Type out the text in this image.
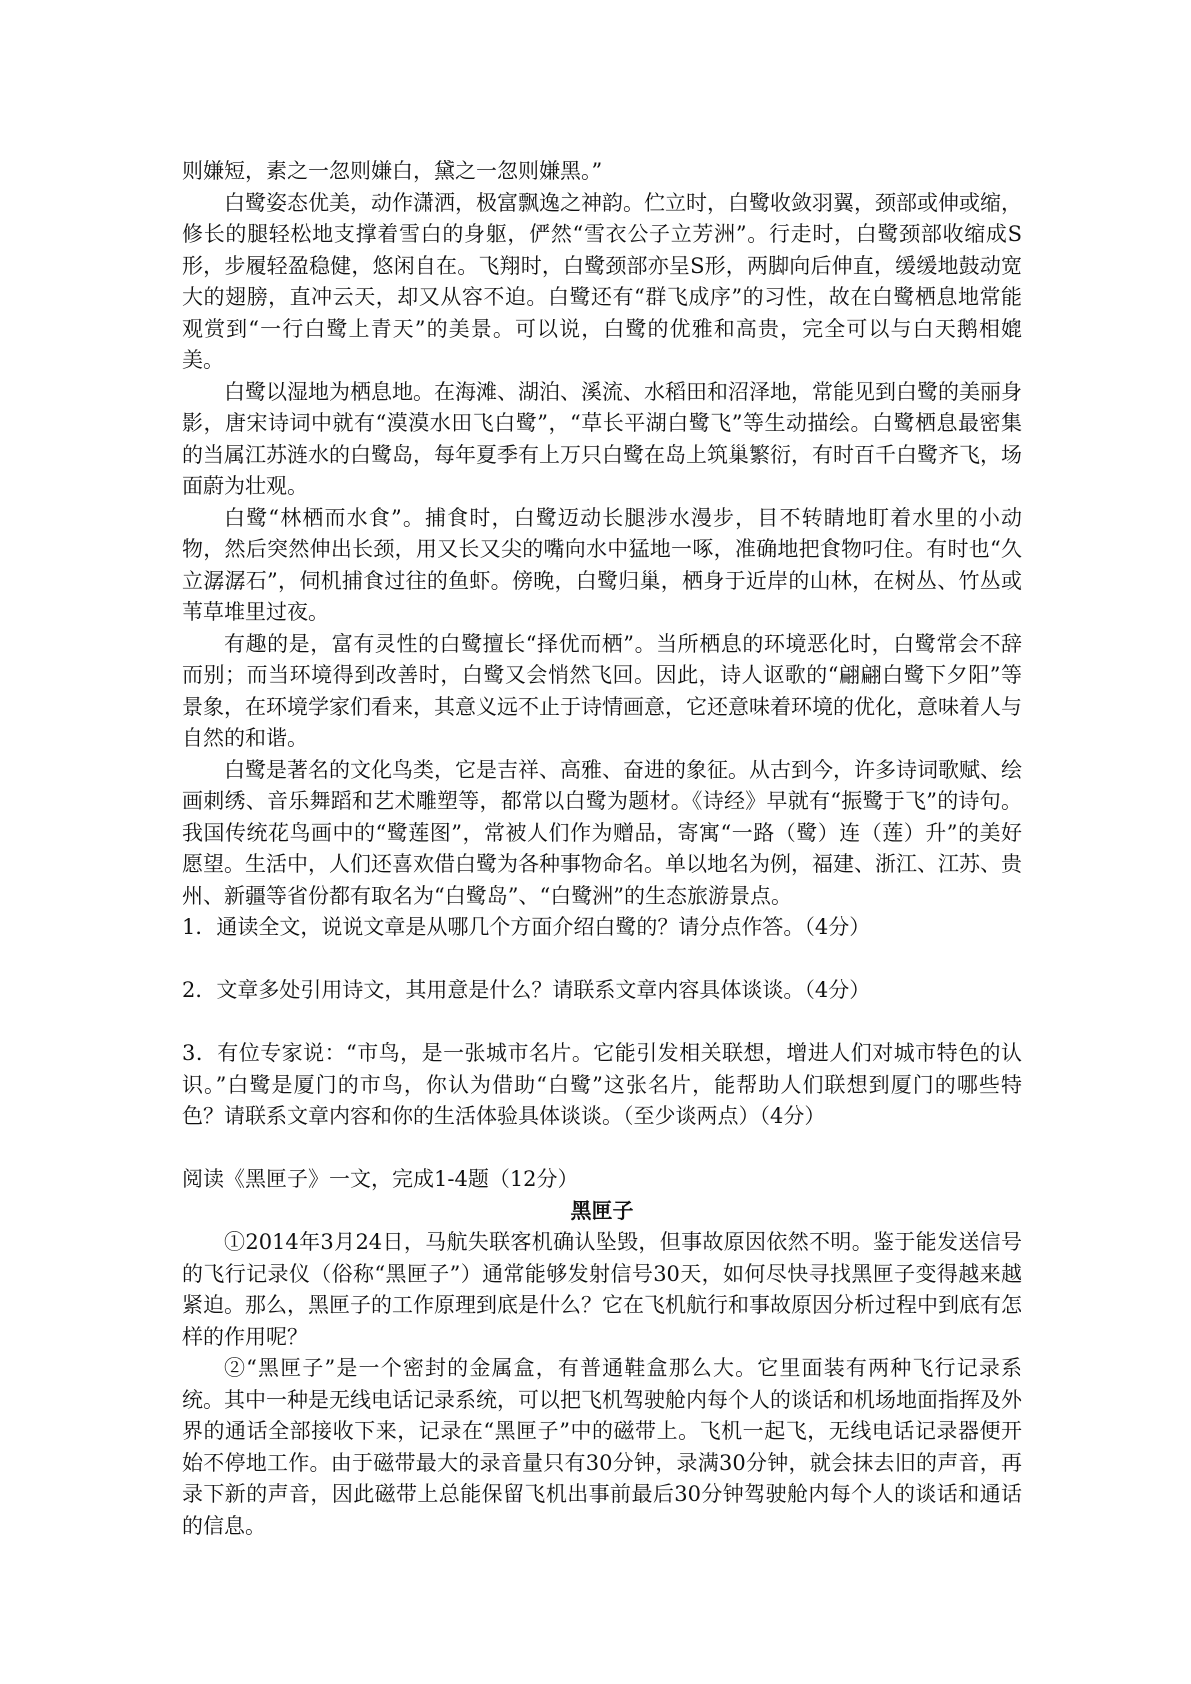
则嫌短，素之一忽则嫌白，黛之一忽则嫌黑。”

白鹭姿态优美，动作潇洒，极富飘逸之神韵。伫立时，白鹭收敛羽翼，颈部或伸或缩，修长的腿轻松地支撑着雪白的身躯，俨然“雪衣公子立芳洲”。行走时，白鹭颈部收缩成S形，步履轻盈稳健，悠闲自在。飞翔时，白鹭颈部亦呈S形，两脚向后伸直，缓缓地鼓动宽大的翅膀，直冲云天，却又从容不迫。白鹭还有“群飞成序”的习性，故在白鹭栖息地常能观赏到“一行白鹭上青天”的美景。可以说，白鹭的优雅和高贵，完全可以与白天鹅相媲美。

白鹭以湿地为栖息地。在海滩、湖泊、溪流、水稻田和沼泽地，常能见到白鹭的美丽身影，唐宋诗词中就有“漠漠水田飞白鹭”，“草长平湖白鹭飞”等生动描绘。白鹭栖息最密集的当属江苏涟水的白鹭岛，每年夏季有上万只白鹭在岛上筑巢繁衍，有时百千白鹭齐飞，场面蔚为壮观。

白鹭“林栖而水食”。捕食时，白鹭迈动长腿涉水漫步，目不转睛地盯着水里的小动物，然后突然伸出长颈，用又长又尖的嘴向水中猛地一啄，准确地把食物叼住。有时也“久立潺潺石”，伺机捕食过往的鱼虾。傍晚，白鹭归巢，栖身于近岸的山林，在树丛、竹丛或苇草堆里过夜。

有趣的是，富有灵性的白鹭擅长“择优而栖”。当所栖息的环境恶化时，白鹭常会不辞而别；而当环境得到改善时，白鹭又会悄然飞回。因此，诗人讴歌的“翩翩白鹭下夕阳”等景象，在环境学家们看来，其意义远不止于诗情画意，它还意味着环境的优化，意味着人与自然的和谐。

白鹭是著名的文化鸟类，它是吉祥、高雅、奋进的象征。从古到今，许多诗词歌赋、绘画刺绣、音乐舞蹈和艺术雕塑等，都常以白鹭为题材。《诗经》早就有“振鹭于飞”的诗句。我国传统花鸟画中的“鹭莲图”，常被人们作为赠品，寄寓“一路（鹭）连（莲）升”的美好愿望。生活中，人们还喜欢借白鹭为各种事物命名。单以地名为例，福建、浙江、江苏、贵州、新疆等省份都有取名为“白鹭岛”、“白鹭洲”的生态旅游景点。

1．通读全文，说说文章是从哪几个方面介绍白鹭的？请分点作答。（4分）

2．文章多处引用诗文，其用意是什么？请联系文章内容具体谈谈。（4分）

3．有位专家说：“市鸟，是一张城市名片。它能引发相关联想，增进人们对城市特色的认识。”白鹭是厦门的市鸟，你认为借助“白鹭”这张名片，能帮助人们联想到厦门的哪些特色？请联系文章内容和你的生活体验具体谈谈。（至少谈两点）（4分）

阅读《黑匣子》一文，完成1-4题（12分）

黑匣子

①2014年3月24日，马航失联客机确认坠毁，但事故原因依然不明。鉴于能发送信号的飞行记录仪（俗称“黑匣子”）通常能够发射信号30天，如何尽快寻找黑匣子变得越来越紧迫。那么，黑匣子的工作原理到底是什么？它在飞机航行和事故原因分析过程中到底有怎样的作用呢？

②“黑匣子”是一个密封的金属盒，有普通鞋盒那么大。它里面装有两种飞行记录系统。其中一种是无线电话记录系统，可以把飞机驾驶舱内每个人的谈话和机场地面指挥及外界的通话全部接收下来，记录在“黑匣子”中的磁带上。飞机一起飞，无线电话记录器便开始不停地工作。由于磁带最大的录音量只有30分钟，录满30分钟，就会抹去旧的声音，再录下新的声音，因此磁带上总能保留飞机出事前最后30分钟驾驶舱内每个人的谈话和通话的信息。
